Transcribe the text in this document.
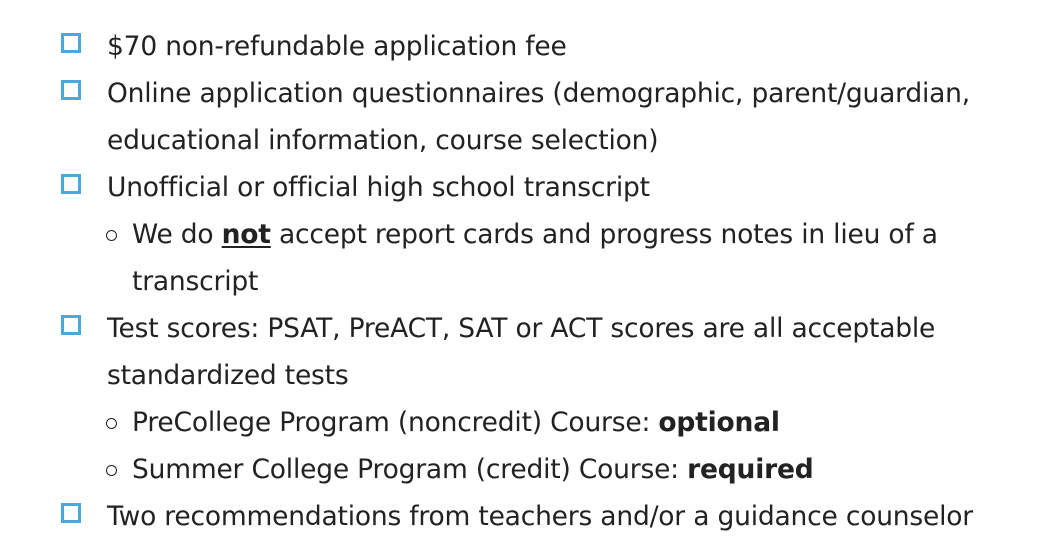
$70 non-refundable application fee
Online application questionnaires (demographic, parent/guardian, educational information, course selection)
Unofficial or official high school transcript
We do not accept report cards and progress notes in lieu of a transcript
Test scores: PSAT, PreACT, SAT or ACT scores are all acceptable standardized tests
PreCollege Program (noncredit) Course: optional
Summer College Program (credit) Course: required
Two recommendations from teachers and/or a guidance counselor
